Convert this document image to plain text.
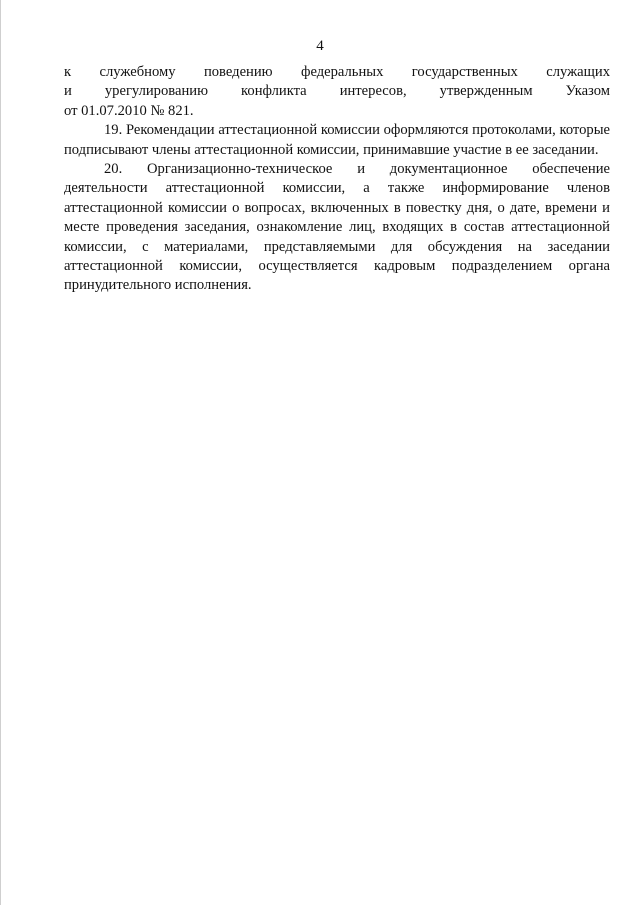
4

к служебному поведению федеральных государственных служащих
и урегулированию конфликта интересов, утвержденным Указом
от 01.07.2010 № 821.

19. Рекомендации аттестационной комиссии оформляются протоколами, которые подписывают члены аттестационной комиссии, принимавшие участие в ее заседании.

20. Организационно-техническое и документационное обеспечение деятельности аттестационной комиссии, а также информирование членов аттестационной комиссии о вопросах, включенных в повестку дня, о дате, времени и месте проведения заседания, ознакомление лиц, входящих в состав аттестационной комиссии, с материалами, представляемыми для обсуждения на заседании аттестационной комиссии, осуществляется кадровым подразделением органа принудительного исполнения.
